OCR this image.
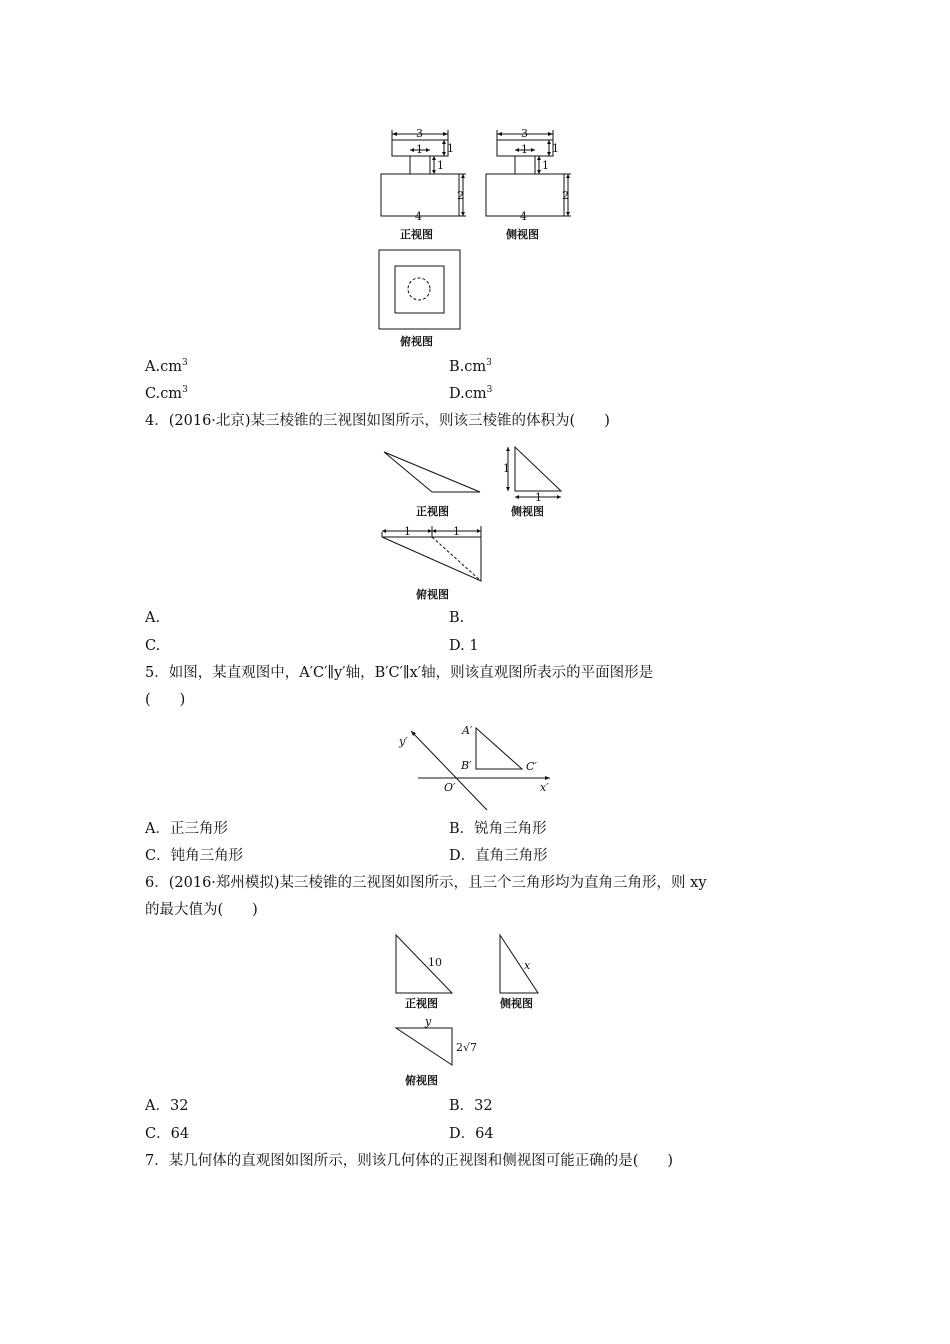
3
1 1
1
2
4
正视图
3
1 1
1
2
4
侧视图
俯视图
$A.cm^3$	$B.cm^3$
$C.cm^3$	$D.cm^3$
4．(2016·北京)某三棱锥的三视图如图所示，则该三棱锥的体积为(　　)
正视图
1
1
侧视图
1	1
俯视图
A.	B.
C.	D. 1
5．如图，某直观图中，A′C′∥y′轴，B′C′∥x′轴，则该直观图所表示的平面图形是
(　　)
y′
x′
O′
A′
B′	C′
A．正三角形	B．锐角三角形
C．钝角三角形	D．直角三角形
6．(2016·郑州模拟)某三棱锥的三视图如图所示，且三个三角形均为直角三角形，则 xy
的最大值为(　　)
10	x
正视图	侧视图
y
2√7
俯视图
A．32	B．32
C．64	D．64
7．某几何体的直观图如图所示，则该几何体的正视图和侧视图可能正确的是(　　)
